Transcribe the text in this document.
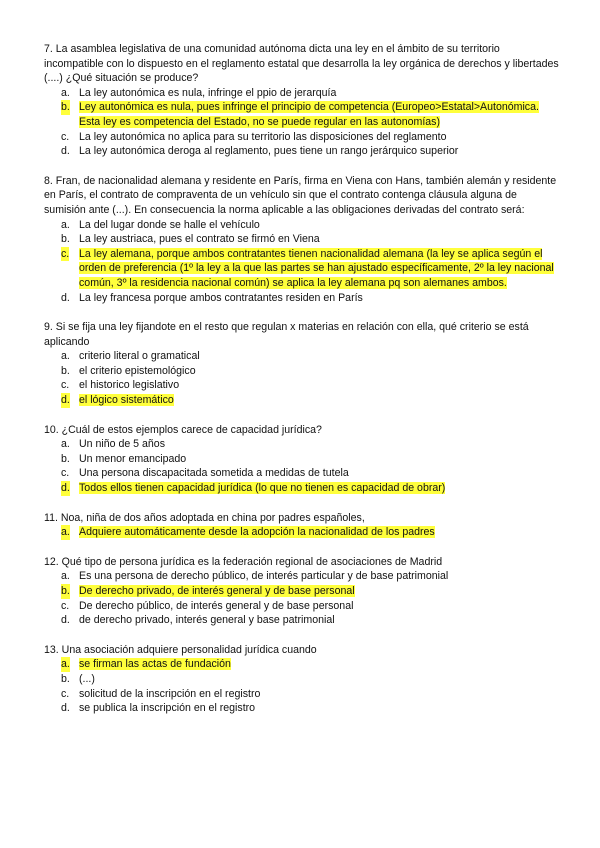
7. La asamblea legislativa de una comunidad autónoma dicta una ley en el ámbito de su territorio incompatible con lo dispuesto en el reglamento estatal que desarrolla la ley orgánica de derechos y libertades (....) ¿Qué situación se produce?

a. La ley autonómica es nula, infringe el ppio de jerarquía
b. Ley autonómica es nula, pues infringe el principio de competencia (Europeo>Estatal>Autonómica. Esta ley es competencia del Estado, no se puede regular en las autonomías)
c. La ley autonómica no aplica para su territorio las disposiciones del reglamento
d. La ley autonómica deroga al reglamento, pues tiene un rango jerárquico superior

8. Fran, de nacionalidad alemana y residente en París, firma en Viena con Hans, también alemán y residente en París, el contrato de compraventa de un vehículo sin que el contrato contenga cláusula alguna de sumisión ante (...). En consecuencia la norma aplicable a las obligaciones derivadas del contrato será:

a. La del lugar donde se halle el vehículo
b. La ley austriaca, pues el contrato se firmó en Viena
c. La ley alemana, porque ambos contratantes tienen nacionalidad alemana (la ley se aplica según el orden de preferencia (1º la ley a la que las partes se han ajustado específicamente, 2º la ley nacional común, 3º la residencia nacional común) se aplica la ley alemana pq son alemanes ambos.
d. La ley francesa porque ambos contratantes residen en París

9. Si se fija una ley fijandote en el resto que regulan x materias en relación con ella, qué criterio se está aplicando

a. criterio literal o gramatical
b. el criterio epistemológico
c. el historico legislativo
d. el lógico sistemático

10. ¿Cuál de estos ejemplos carece de capacidad jurídica?

a. Un niño de 5 años
b. Un menor emancipado
c. Una persona discapacitada sometida a medidas de tutela
d. Todos ellos tienen capacidad jurídica (lo que no tienen es capacidad de obrar)

11. Noa, niña de dos años adoptada en china por padres españoles,

a. Adquiere automáticamente desde la adopción la nacionalidad de los padres

12. Qué tipo de persona jurídica es la federación regional de asociaciones de Madrid

a. Es una persona de derecho público, de interés particular y de base patrimonial
b. De derecho privado, de interés general y de base personal
c. De derecho público, de interés general y de base personal
d. de derecho privado, interés general y base patrimonial

13. Una asociación adquiere personalidad jurídica cuando

a. se firman las actas de fundación
b. (...)
c. solicitud de la inscripción en el registro
d. se publica la inscripción en el registro
